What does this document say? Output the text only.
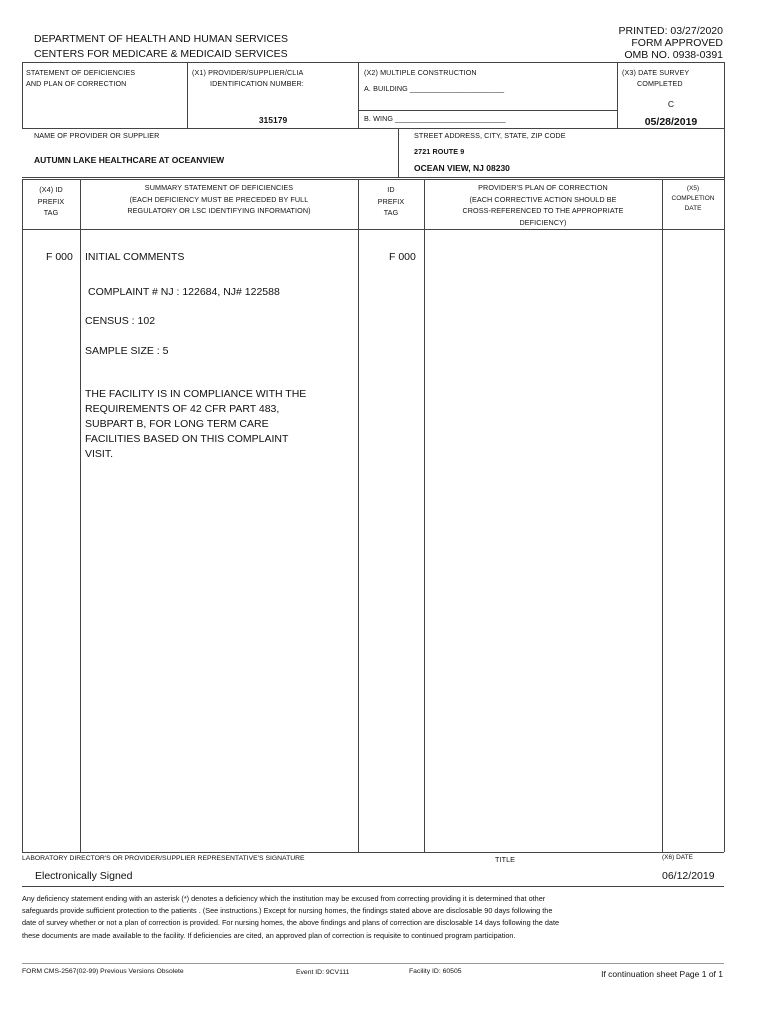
DEPARTMENT OF HEALTH AND HUMAN SERVICES
CENTERS FOR MEDICARE & MEDICAID SERVICES
PRINTED: 03/27/2020
FORM APPROVED
OMB NO. 0938-0391
STATEMENT OF DEFICIENCIES
AND PLAN OF CORRECTION
(X1) PROVIDER/SUPPLIER/CLIA
IDENTIFICATION NUMBER:
315179
(X2) MULTIPLE CONSTRUCTION
A. BUILDING _______________________
B. WING ___________________________
(X3) DATE SURVEY
COMPLETED
C
05/28/2019
NAME OF PROVIDER OR SUPPLIER
AUTUMN LAKE HEALTHCARE AT OCEANVIEW
STREET ADDRESS, CITY, STATE, ZIP CODE
2721 ROUTE 9
OCEAN VIEW, NJ 08230
(X4) ID
PREFIX
TAG
SUMMARY STATEMENT OF DEFICIENCIES
(EACH DEFICIENCY MUST BE PRECEDED BY FULL
REGULATORY OR LSC IDENTIFYING INFORMATION)
ID
PREFIX
TAG
PROVIDER'S PLAN OF CORRECTION
(EACH CORRECTIVE ACTION SHOULD BE
CROSS-REFERENCED TO THE APPROPRIATE
DEFICIENCY)
(X5)
COMPLETION
DATE
F 000 INITIAL COMMENTS	F 000
COMPLAINT # NJ : 122684, NJ# 122588
CENSUS : 102
SAMPLE SIZE : 5
THE FACILITY IS IN COMPLIANCE WITH THE
REQUIREMENTS OF 42 CFR PART 483,
SUBPART B, FOR LONG TERM CARE
FACILITIES BASED ON THIS COMPLAINT
VISIT.
LABORATORY DIRECTOR'S OR PROVIDER/SUPPLIER REPRESENTATIVE'S SIGNATURE	TITLE	(X6) DATE
Electronically Signed	06/12/2019
Any deficiency statement ending with an asterisk (*) denotes a deficiency which the institution may be excused from correcting providing it is determined that other
safeguards provide sufficient protection to the patients . (See instructions.) Except for nursing homes, the findings stated above are disclosable 90 days following the
date of survey whether or not a plan of correction is provided. For nursing homes, the above findings and plans of correction are disclosable 14 days following the date
these documents are made available to the facility. If deficiencies are cited, an approved plan of correction is requisite to continued program participation.
FORM CMS-2567(02-99) Previous Versions Obsolete	Event ID: 9CV111	Facility ID: 60505	If continuation sheet Page 1 of 1
